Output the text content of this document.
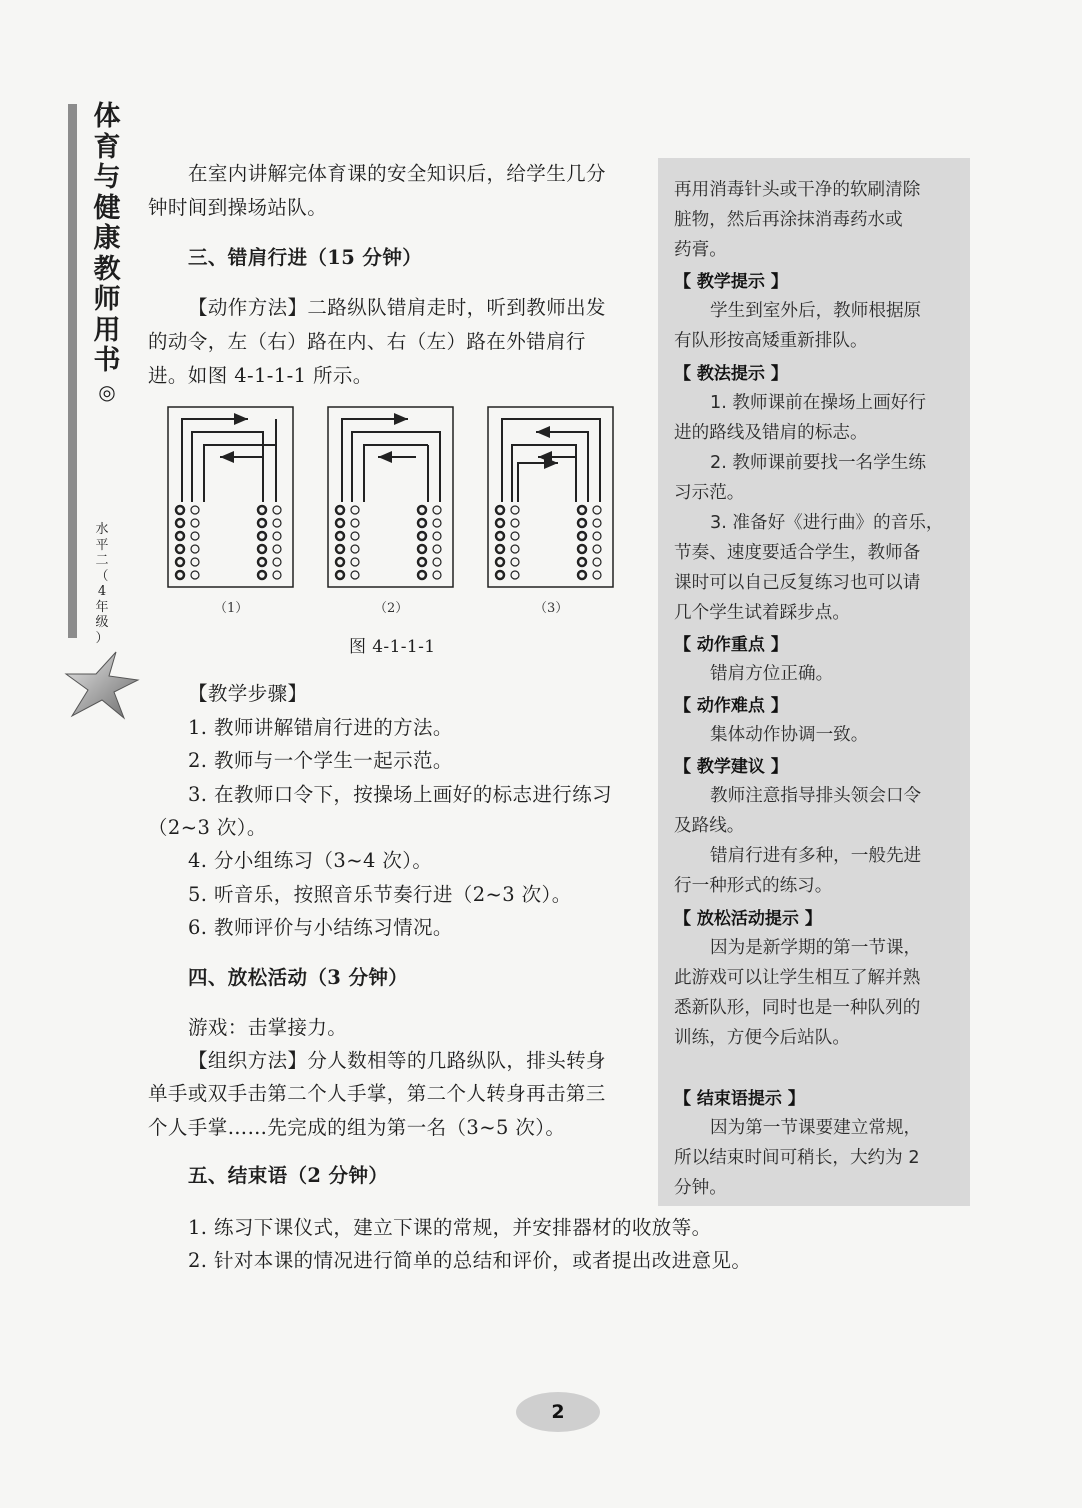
体
育
与
健
康
教
师
用
书
◎
水
平
二
（
4
年
级
）

在室内讲解完体育课的安全知识后，给学生几分

钟时间到操场站队。

三、错肩行进（15 分钟）

【动作方法】二路纵队错肩走时，听到教师出发

的动令，左（右）路在内、右（左）路在外错肩行

进。如图 4-1-1-1 所示。

（1）	（2）	（3）

图 4-1-1-1

【教学步骤】

1. 教师讲解错肩行进的方法。

2. 教师与一个学生一起示范。

3. 在教师口令下，按操场上画好的标志进行练习

（2~3 次）。

4. 分小组练习（3~4 次）。

5. 听音乐，按照音乐节奏行进（2~3 次）。

6. 教师评价与小结练习情况。

四、放松活动（3 分钟）

游戏：击掌接力。

【组织方法】分人数相等的几路纵队，排头转身

单手或双手击第二个人手掌，第二个人转身再击第三

个人手掌……先完成的组为第一名（3~5 次）。

五、结束语（2 分钟）

1. 练习下课仪式，建立下课的常规，并安排器材的收放等。

2. 针对本课的情况进行简单的总结和评价，或者提出改进意见。

再用消毒针头或干净的软刷清除
脏物，然后再涂抹消毒药水或
药膏。
【 教学提示 】
学生到室外后，教师根据原
有队形按高矮重新排队。
【 教法提示 】
1. 教师课前在操场上画好行
进的路线及错肩的标志。
2. 教师课前要找一名学生练
习示范。
3. 准备好《进行曲》的音乐，
节奏、速度要适合学生，教师备
课时可以自己反复练习也可以请
几个学生试着踩步点。
【 动作重点 】
错肩方位正确。
【 动作难点 】
集体动作协调一致。
【 教学建议 】
教师注意指导排头领会口令
及路线。
错肩行进有多种，一般先进
行一种形式的练习。
【 放松活动提示 】
因为是新学期的第一节课，
此游戏可以让学生相互了解并熟
悉新队形，同时也是一种队列的
训练，方便今后站队。
【 结束语提示 】
因为第一节课要建立常规，
所以结束时间可稍长，大约为 2
分钟。
2
